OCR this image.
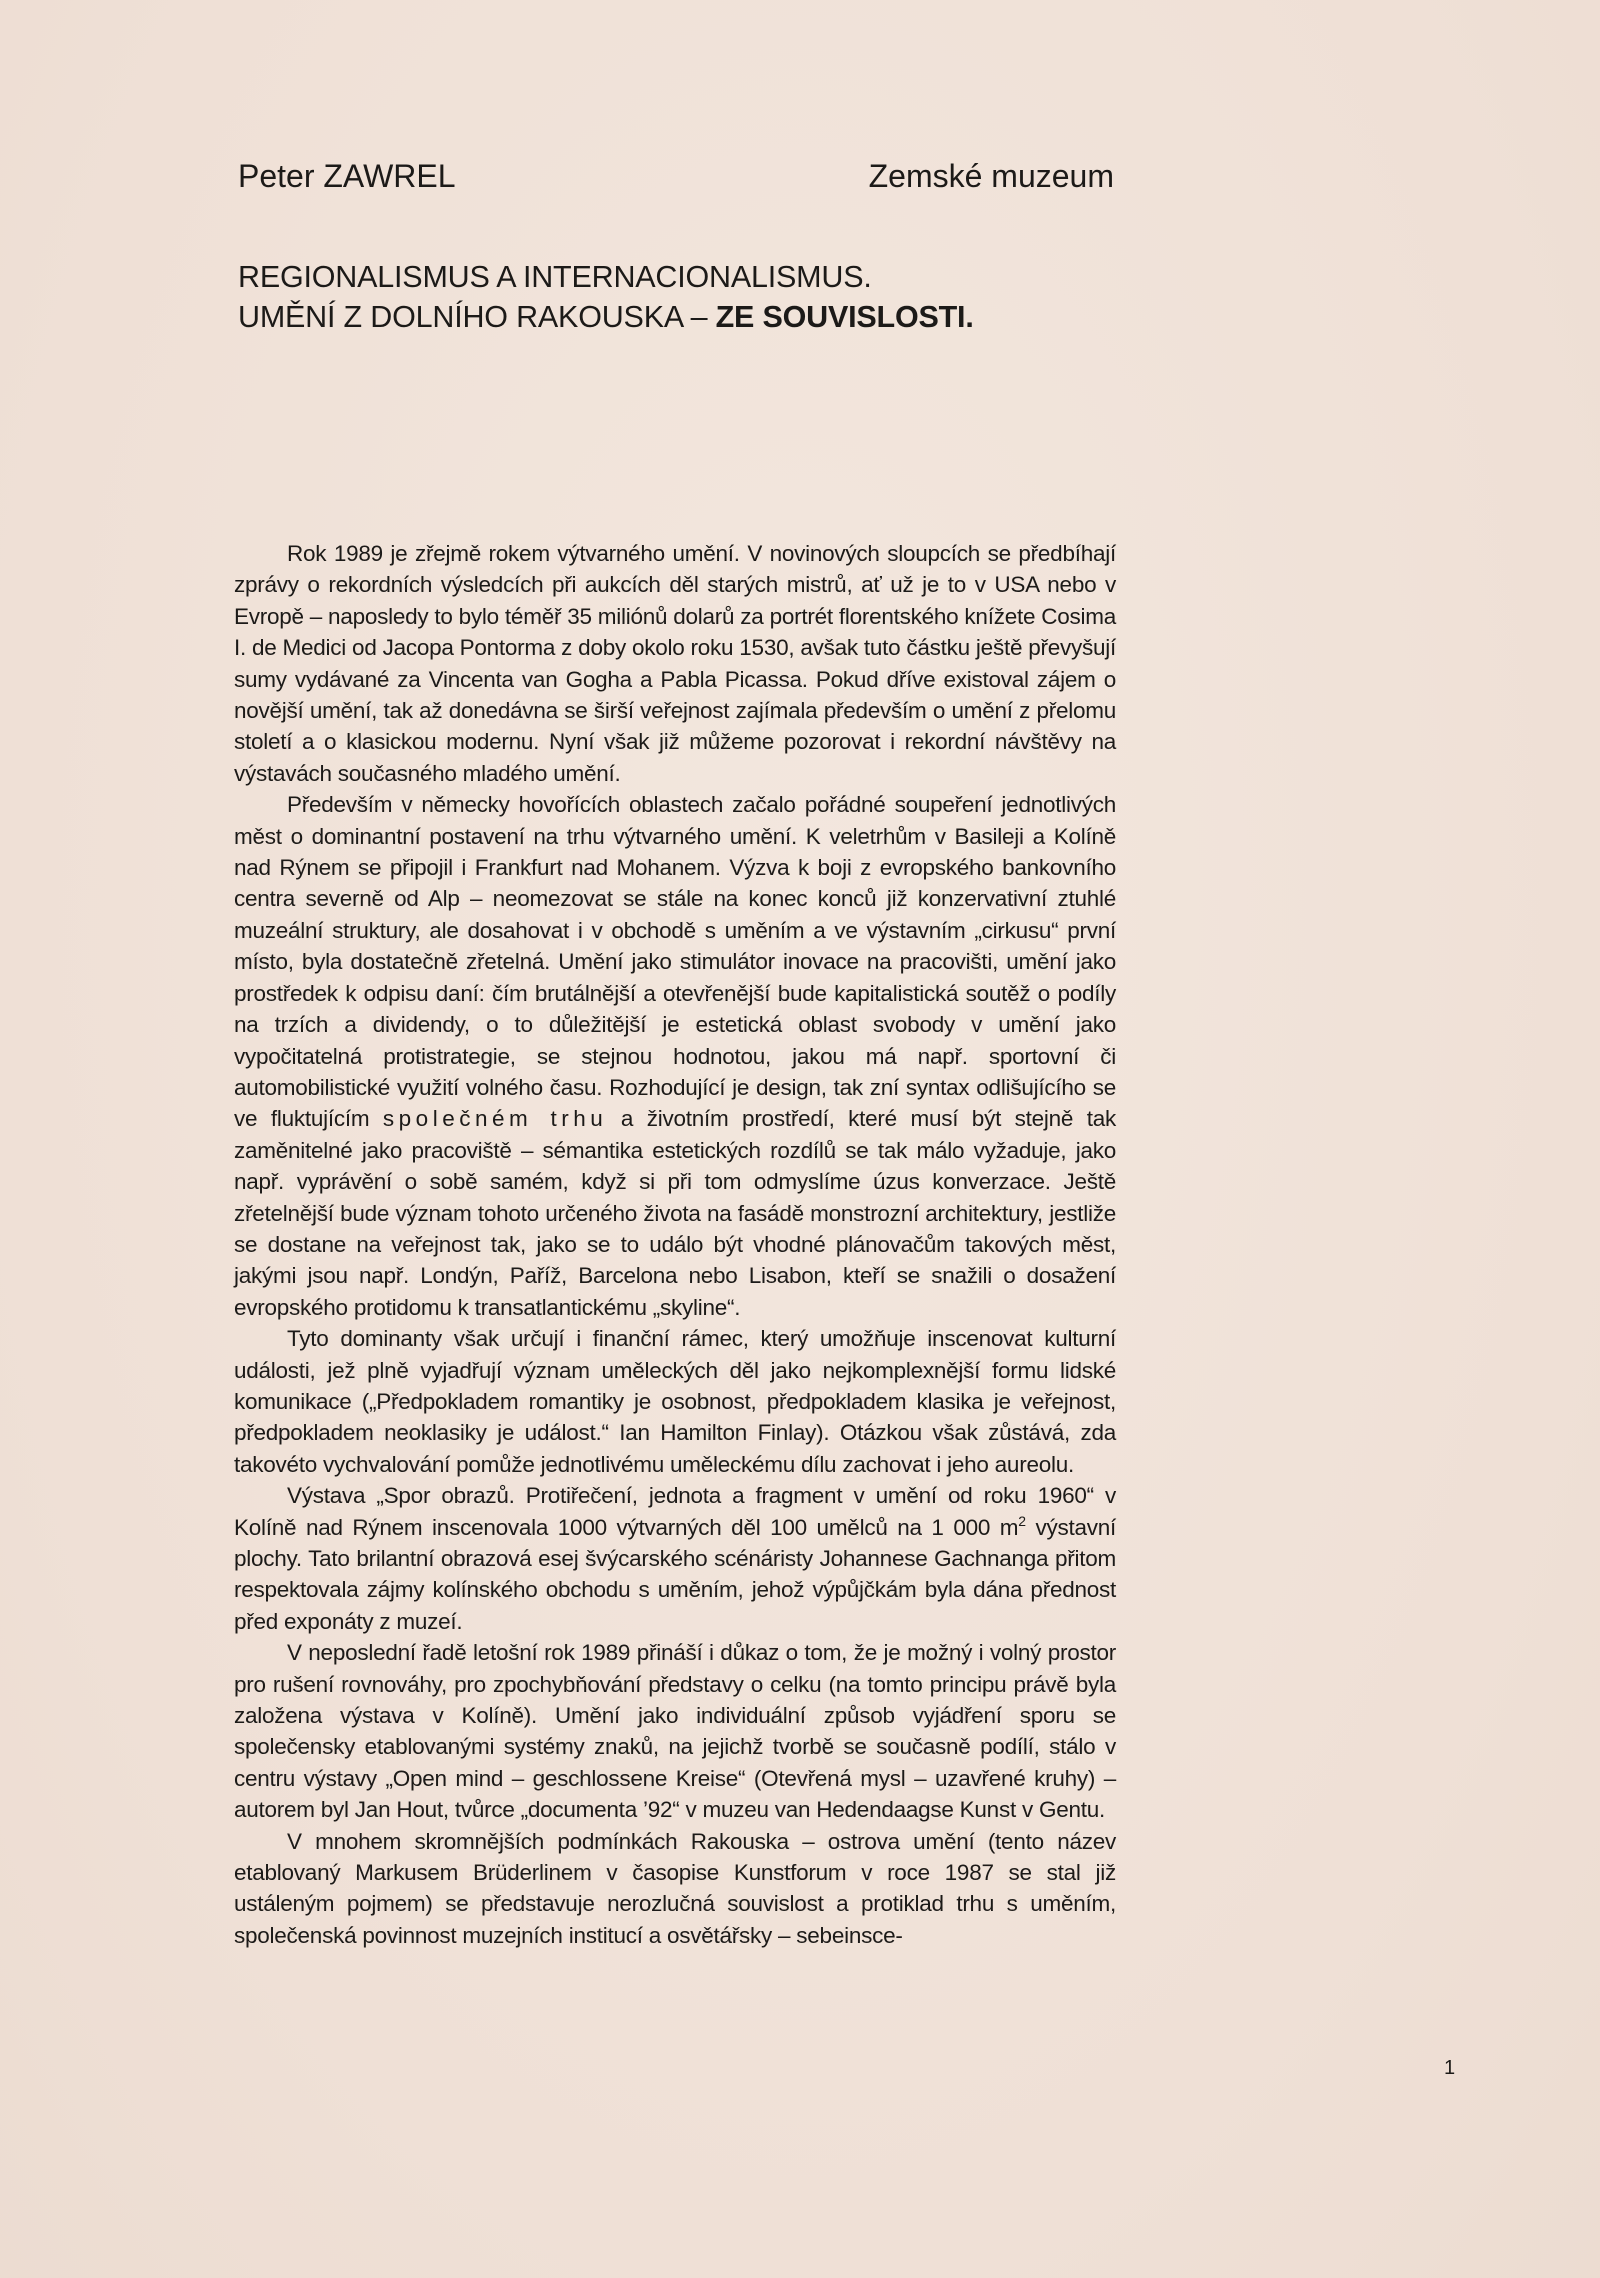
Peter ZAWREL	Zemské muzeum
REGIONALISMUS A INTERNACIONALISMUS.
UMĚNÍ Z DOLNÍHO RAKOUSKA – ZE SOUVISLOSTI.

Rok 1989 je zřejmě rokem výtvarného umění. V novinových sloupcích se předbíhají zprávy o rekordních výsledcích při aukcích děl starých mistrů, ať už je to v USA nebo v Evropě – naposledy to bylo téměř 35 miliónů dolarů za portrét florentského knížete Cosima I. de Medici od Jacopa Pontorma z doby okolo roku 1530, avšak tuto částku ještě převyšují sumy vydávané za Vincenta van Gogha a Pabla Picassa. Pokud dříve existoval zájem o novější umění, tak až donedávna se širší veřejnost zajímala především o umění z přelomu století a o klasickou modernu. Nyní však již můžeme pozorovat i rekordní návštěvy na výstavách současného mladého umění.

Především v německy hovořících oblastech začalo pořádné soupeření jednotlivých měst o dominantní postavení na trhu výtvarného umění. K veletrhům v Basileji a Kolíně nad Rýnem se připojil i Frankfurt nad Mohanem. Výzva k boji z evropského bankovního centra severně od Alp – neomezovat se stále na konec konců již konzervativní ztuhlé muzeální struktury, ale dosahovat i v obchodě s uměním a ve výstavním „cirkusu“ první místo, byla dostatečně zřetelná. Umění jako stimulátor inovace na pracovišti, umění jako prostředek k odpisu daní: čím brutálnější a otevřenější bude kapitalistická soutěž o podíly na trzích a dividendy, o to důležitější je estetická oblast svobody v umění jako vypočitatelná protistrategie, se stejnou hodnotou, jakou má např. sportovní či automobilistické využití volného času. Rozhodující je design, tak zní syntax odlišujícího se ve fluktujícím společném trhu a životním prostředí, které musí být stejně tak zaměnitelné jako pracoviště – sémantika estetických rozdílů se tak málo vyžaduje, jako např. vyprávění o sobě samém, když si při tom odmyslíme úzus konverzace. Ještě zřetelnější bude význam tohoto určeného života na fasádě monstrozní architektury, jestliže se dostane na veřejnost tak, jako se to událo být vhodné plánovačům takových měst, jakými jsou např. Londýn, Paříž, Barcelona nebo Lisabon, kteří se snažili o dosažení evropského protidomu k transatlantickému „skyline“.

Tyto dominanty však určují i finanční rámec, který umožňuje inscenovat kulturní události, jež plně vyjadřují význam uměleckých děl jako nejkomplexnější formu lidské komunikace („Předpokladem romantiky je osobnost, předpokladem klasika je veřejnost, předpokladem neoklasiky je událost.“ Ian Hamilton Finlay). Otázkou však zůstává, zda takovéto vychvalování pomůže jednotlivému uměleckému dílu zachovat i jeho aureolu.

Výstava „Spor obrazů. Protiřečení, jednota a fragment v umění od roku 1960“ v Kolíně nad Rýnem inscenovala 1000 výtvarných děl 100 umělců na 1 000 $m^2$ výstavní plochy. Tato brilantní obrazová esej švýcarského scénáristy Johannese Gachnanga přitom respektovala zájmy kolínského obchodu s uměním, jehož výpůjčkám byla dána přednost před exponáty z muzeí.

V neposlední řadě letošní rok 1989 přináší i důkaz o tom, že je možný i volný prostor pro rušení rovnováhy, pro zpochybňování představy o celku (na tomto principu právě byla založena výstava v Kolíně). Umění jako individuální způsob vyjádření sporu se společensky etablovanými systémy znaků, na jejichž tvorbě se současně podílí, stálo v centru výstavy „Open mind – geschlossene Kreise“ (Otevřená mysl – uzavřené kruhy) – autorem byl Jan Hout, tvůrce „documenta ’92“ v muzeu van Hedendaagse Kunst v Gentu.

V mnohem skromnějších podmínkách Rakouska – ostrova umění (tento název etablovaný Markusem Brüderlinem v časopise Kunstforum v roce 1987 se stal již ustáleným pojmem) se představuje nerozlučná souvislost a protiklad trhu s uměním, společenská povinnost muzejních institucí a osvětářsky – sebeinsce-

1
